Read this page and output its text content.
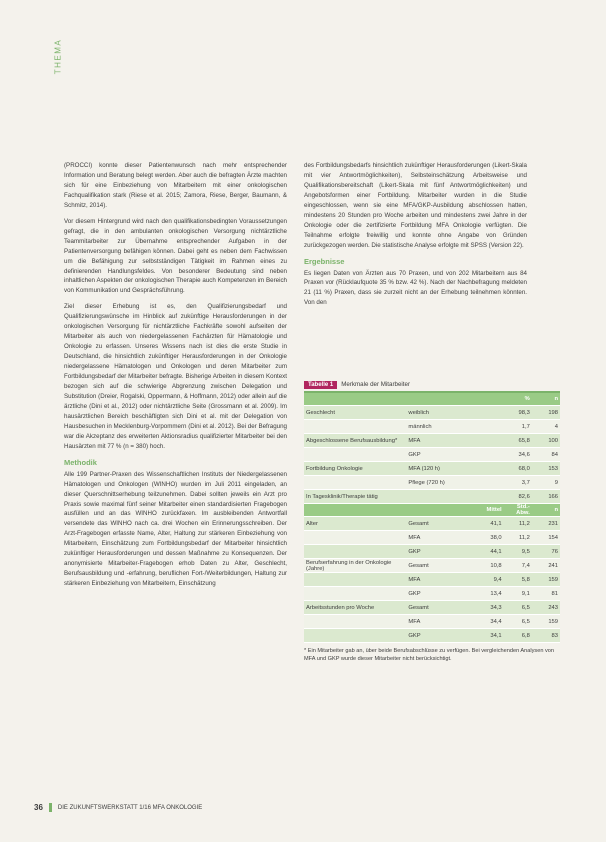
THEMA

(PROCCI) konnte dieser Patientenwunsch nach mehr entsprechender Information und Beratung belegt werden. Aber auch die befragten Ärzte machten sich für eine Einbeziehung von Mitarbeitern mit einer onkologischen Fachqualifikation stark (Riese et al. 2015; Zamora, Riese, Berger, Baumann, & Schmitz, 2014).

Vor diesem Hintergrund wird nach den qualifikationsbedingten Voraussetzungen gefragt, die in den ambulanten onkologischen Versorgung nichtärztliche Teammitarbeiter zur Übernahme entsprechender Aufgaben in der Patientenversorgung befähigen können. Dabei geht es neben dem Fachwissen um die Befähigung zur selbstständigen Tätigkeit im Rahmen eines zu definierenden Handlungsfeldes. Von besonderer Bedeutung sind neben inhaltlichen Aspekten der onkologischen Therapie auch Kompetenzen im Bereich von Kommunikation und Gesprächsführung.

Ziel dieser Erhebung ist es, den Qualifizierungsbedarf und Qualifizierungswünsche im Hinblick auf zukünftige Herausforderungen in der onkologischen Versorgung für nichtärztliche Fachkräfte sowohl aufseiten der Mitarbeiter als auch von niedergelassenen Fachärzten für Hämatologie und Onkologie zu erfassen. Unseres Wissens nach ist dies die erste Studie in Deutschland, die hinsichtlich zukünftiger Herausforderungen in der Onkologie niedergelassene Hämatologen und Onkologen und deren Mitarbeiter zum Fortbildungsbedarf der Mitarbeiter befragte. Bisherige Arbeiten in diesem Kontext bezogen sich auf die schwierige Abgrenzung zwischen Delegation und Substitution (Dreier, Rogalski, Oppermann, & Hoffmann, 2012) oder allein auf die ärztliche (Dini et al., 2012) oder nichtärztliche Seite (Grossmann et al. 2009). Im hausärztlichen Bereich beschäftigten sich Dini et al. mit der Delegation von Hausbesuchen in Mecklenburg-Vorpommern (Dini et al. 2012). Bei der Befragung war die Akzeptanz des erweiterten Aktionsradius qualifizierter Mitarbeiter bei den Hausärzten mit 77 % (n = 380) hoch.

Methodik

Alle 199 Partner-Praxen des Wissenschaftlichen Instituts der Niedergelassenen Hämatologen und Onkologen (WINHO) wurden im Juli 2011 eingeladen, an dieser Querschnittserhebung teilzunehmen. Dabei sollten jeweils ein Arzt pro Praxis sowie maximal fünf seiner Mitarbeiter einen standardisierten Fragebogen ausfüllen und an das WINHO zurückfaxen. Im ausbleibenden Antwortfall versendete das WINHO nach ca. drei Wochen ein Erinnerungsschreiben. Der Arzt-Fragebogen erfasste Name, Alter, Haltung zur stärkeren Einbeziehung von Mitarbeitern, Einschätzung zum Fortbildungsbedarf der Mitarbeiter hinsichtlich zukünftiger Herausforderungen und dessen Maßnahme zu Konsequenzen. Der anonymisierte Mitarbeiter-Fragebogen erhob Daten zu Alter, Geschlecht, Berufsausbildung und -erfahrung, beruflichen Fort-/Weiterbildungen, Haltung zur stärkeren Einbeziehung von Mitarbeitern, Einschätzung

des Fortbildungsbedarfs hinsichtlich zukünftiger Herausforderungen (Likert-Skala mit vier Antwortmöglichkeiten), Selbsteinschätzung Arbeitsweise und Qualifikationsbereitschaft (Likert-Skala mit fünf Antwortmöglichkeiten) und Angebotsformen einer Fortbildung. Mitarbeiter wurden in die Studie eingeschlossen, wenn sie eine MFA/GKP-Ausbildung abschlossen hatten, mindestens 20 Stunden pro Woche arbeiten und mindestens zwei Jahre in der Onkologie oder die zertifizierte Fortbildung MFA Onkologie verfügten. Die Teilnahme erfolgte freiwillig und konnte ohne Angabe von Gründen zurückgezogen werden. Die statistische Analyse erfolgte mit SPSS (Version 22).

Ergebnisse

Es liegen Daten von Ärzten aus 70 Praxen, und von 202 Mitarbeitern aus 84 Praxen vor (Rücklaufquote 35 % bzw. 42 %). Nach der Nachbefragung meldeten 21 (11 %) Praxen, dass sie zurzeit nicht an der Erhebung teilnehmen könnten. Von den

Tabelle 1	Merkmale der Mitarbeiter
			%	n
Geschlecht	weiblich		98,3	198
	männlich		1,7	4
Abgeschlossene Berufsausbildung*	MFA		65,8	100
	GKP		34,6	84
Fortbildung Onkologie	MFA (120 h)		68,0	153
	Pflege (720 h)		3,7	9
In Tagesklinik/Therapie tätig			82,6	166
		Mittel	Std.-Abw.	n
Alter	Gesamt	41,1	11,2	231
	MFA	38,0	11,2	154
	GKP	44,1	9,5	76
Berufserfahrung in der Onkologie (Jahre)	Gesamt	10,8	7,4	241
	MFA	9,4	5,8	159
	GKP	13,4	9,1	81
Arbeitsstunden pro Woche	Gesamt	34,3	6,5	243
	MFA	34,4	6,5	159
	GKP	34,1	6,8	83
* Ein Mitarbeiter gab an, über beide Berufsabschlüsse zu verfügen. Bei vergleichenden Analysen von MFA und GKP wurde dieser Mitarbeiter nicht berücksichtigt.
36	DIE ZUKUNFTSWERKSTATT 1/16 MFA ONKOLOGIE
